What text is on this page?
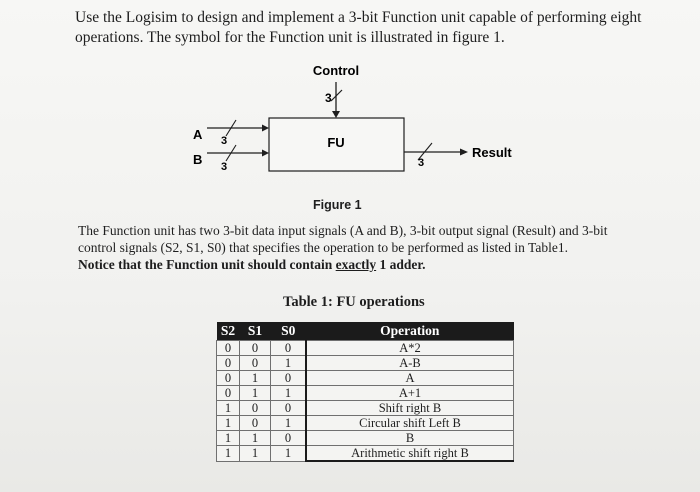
Use the Logisim to design and implement a 3-bit Function unit capable of performing eight
operations. The symbol for the Function unit is illustrated in figure 1.
Control
3
FU
A 3
B 3	3
Result
Figure 1
The Function unit has two 3-bit data input signals (A and B), 3-bit output signal (Result) and 3-bit
control signals (S2, S1, S0) that specifies the operation to be performed as listed in Table1.
Notice that the Function unit should contain exactly 1 adder.
Table 1: FU operations
S2	S1	S0	Operation
0	0	0	A*2
0	0	1	A-B
0	1	0	A
0	1	1	A+1
1	0	0	Shift right B
1	0	1	Circular shift Left B
1	1	0	B
1	1	1	Arithmetic shift right B
